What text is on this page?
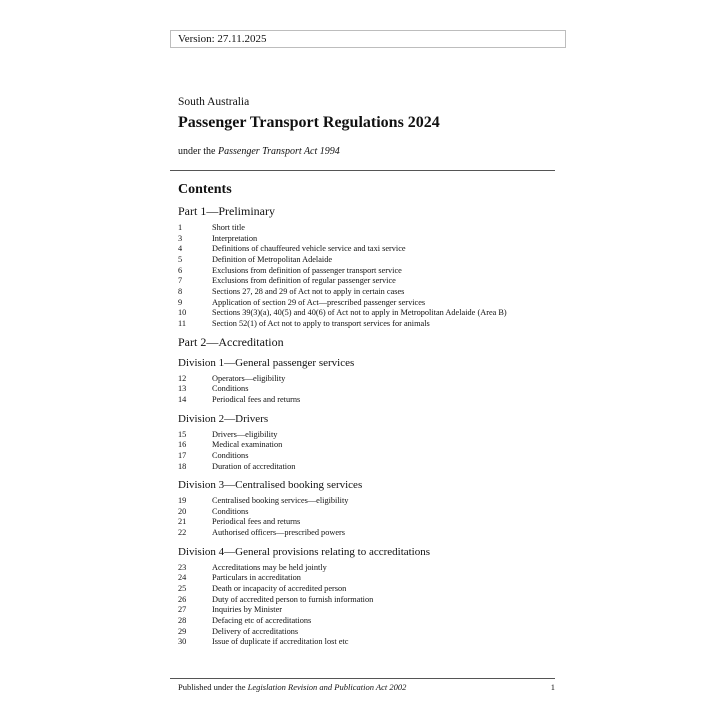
Version: 27.11.2025
South Australia
Passenger Transport Regulations 2024
under the Passenger Transport Act 1994
Contents
Part 1—Preliminary
1	Short title
3	Interpretation
4	Definitions of chauffeured vehicle service and taxi service
5	Definition of Metropolitan Adelaide
6	Exclusions from definition of passenger transport service
7	Exclusions from definition of regular passenger service
8	Sections 27, 28 and 29 of Act not to apply in certain cases
9	Application of section 29 of Act—prescribed passenger services
10	Sections 39(3)(a), 40(5) and 40(6) of Act not to apply in Metropolitan Adelaide (Area B)
11	Section 52(1) of Act not to apply to transport services for animals
Part 2—Accreditation
Division 1—General passenger services
12	Operators—eligibility
13	Conditions
14	Periodical fees and returns
Division 2—Drivers
15	Drivers—eligibility
16	Medical examination
17	Conditions
18	Duration of accreditation
Division 3—Centralised booking services
19	Centralised booking services—eligibility
20	Conditions
21	Periodical fees and returns
22	Authorised officers—prescribed powers
Division 4—General provisions relating to accreditations
23	Accreditations may be held jointly
24	Particulars in accreditation
25	Death or incapacity of accredited person
26	Duty of accredited person to furnish information
27	Inquiries by Minister
28	Defacing etc of accreditations
29	Delivery of accreditations
30	Issue of duplicate if accreditation lost etc
Published under the Legislation Revision and Publication Act 2002	1
